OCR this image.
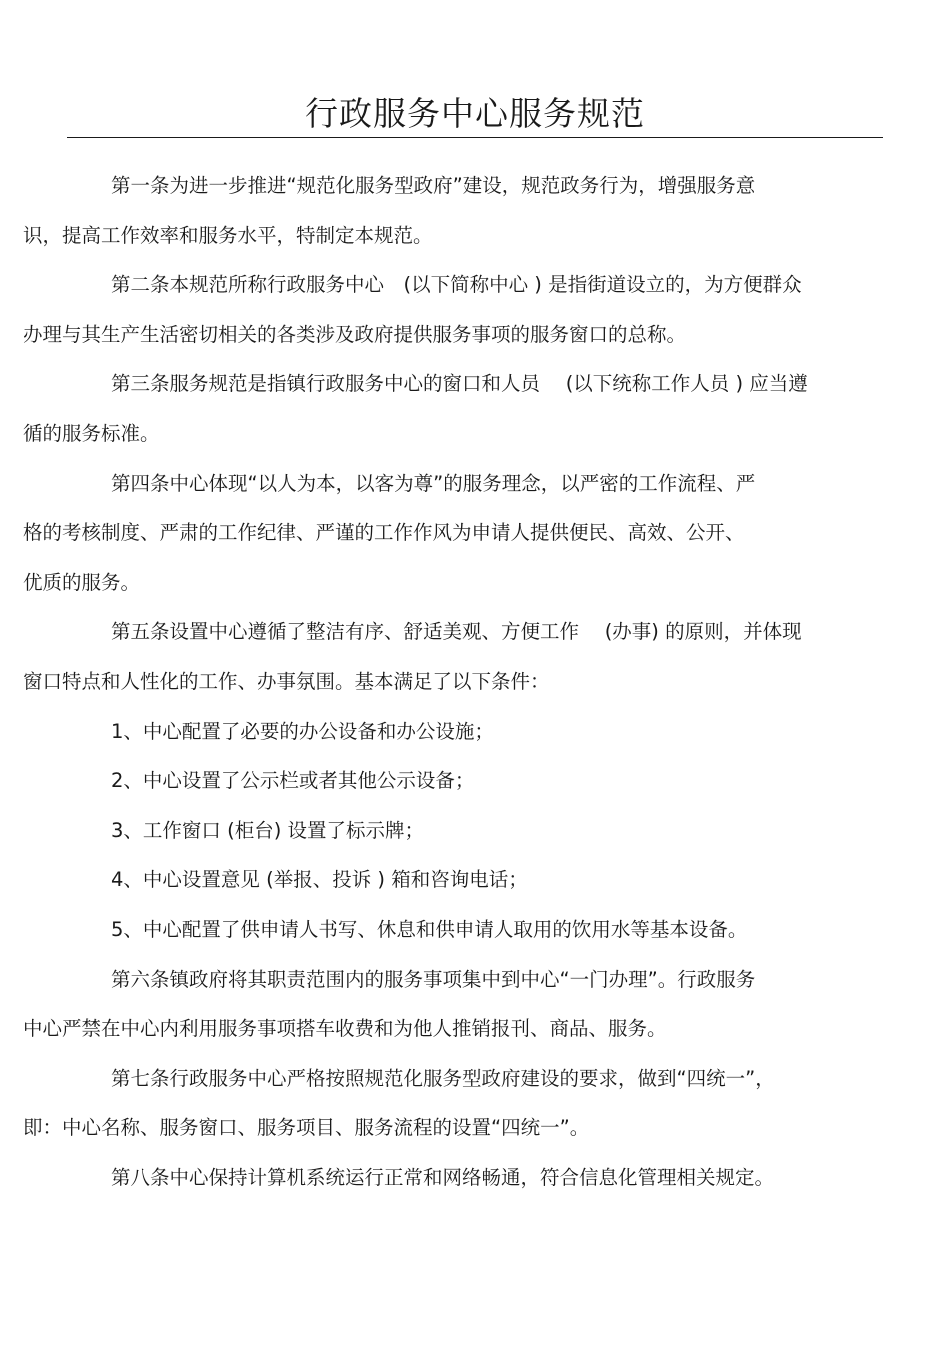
行政服务中心服务规范

第一条为进一步推进“规范化服务型政府”建设，规范政务行为，增强服务意
识，提高工作效率和服务水平，特制定本规范。

第二条本规范所称行政服务中心　(以下简称中心 ) 是指街道设立的，为方便群众
办理与其生产生活密切相关的各类涉及政府提供服务事项的服务窗口的总称。

第三条服务规范是指镇行政服务中心的窗口和人员　 (以下统称工作人员 ) 应当遵
循的服务标准。

第四条中心体现“以人为本，以客为尊”的服务理念，以严密的工作流程、严
格的考核制度、严肃的工作纪律、严谨的工作作风为申请人提供便民、高效、公开、
优质的服务。

第五条设置中心遵循了整洁有序、舒适美观、方便工作　 (办事) 的原则，并体现
窗口特点和人性化的工作、办事氛围。基本满足了以下条件：

1、中心配置了必要的办公设备和办公设施；

2、中心设置了公示栏或者其他公示设备；

3、工作窗口 (柜台) 设置了标示牌；

4、中心设置意见 (举报、投诉 ) 箱和咨询电话；

5、中心配置了供申请人书写、休息和供申请人取用的饮用水等基本设备。

第六条镇政府将其职责范围内的服务事项集中到中心“一门办理”。行政服务
中心严禁在中心内利用服务事项搭车收费和为他人推销报刊、商品、服务。

第七条行政服务中心严格按照规范化服务型政府建设的要求，做到“四统一”，
即：中心名称、服务窗口、服务项目、服务流程的设置“四统一”。

第八条中心保持计算机系统运行正常和网络畅通，符合信息化管理相关规定。
